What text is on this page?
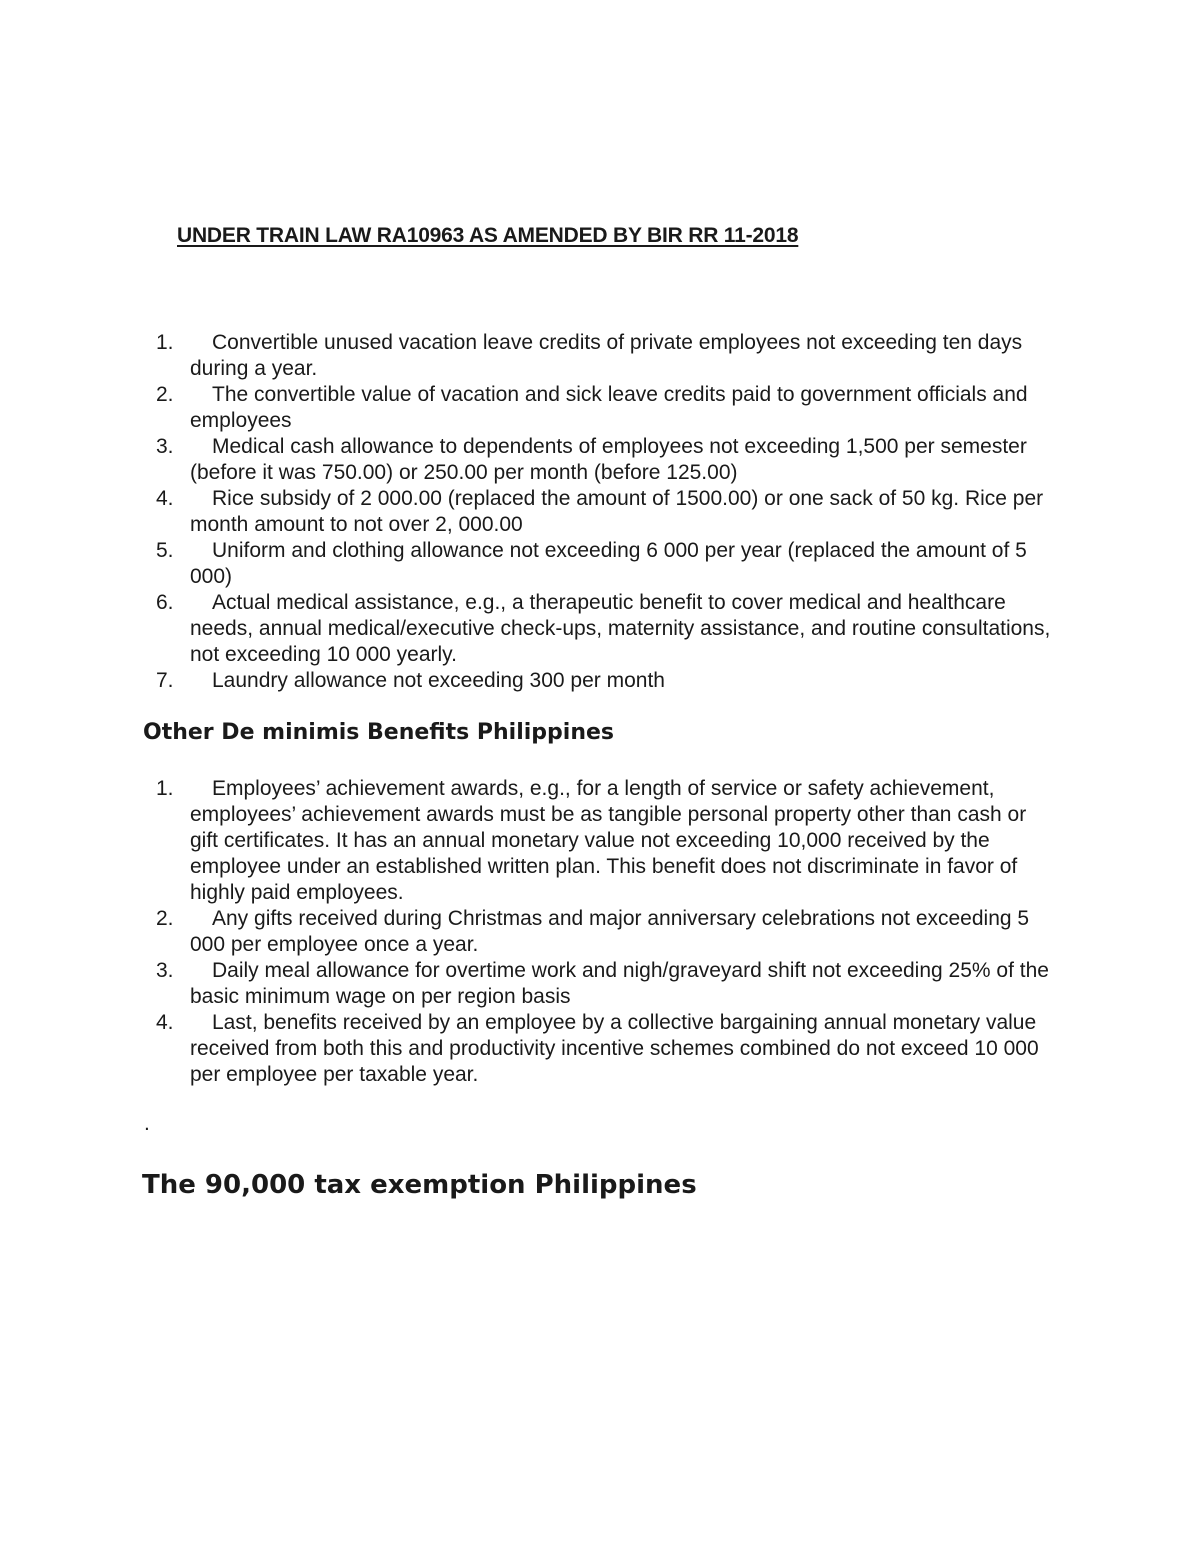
UNDER TRAIN LAW RA10963 AS AMENDED BY BIR RR 11-2018
1.	Convertible unused vacation leave credits of private employees not exceeding ten days during a year.
2.	The convertible value of vacation and sick leave credits paid to government officials and employees
3.	Medical cash allowance to dependents of employees not exceeding 1,500 per semester (before it was 750.00) or 250.00 per month (before 125.00)
4.	Rice subsidy of 2 000.00 (replaced the amount of 1500.00) or one sack of 50 kg. Rice per month amount to not over 2, 000.00
5.	Uniform and clothing allowance not exceeding 6 000 per year (replaced the amount of 5 000)
6.	Actual medical assistance, e.g., a therapeutic benefit to cover medical and healthcare needs, annual medical/executive check-ups, maternity assistance, and routine consultations, not exceeding 10 000 yearly.
7.	Laundry allowance not exceeding 300 per month
Other De minimis Benefits Philippines
1.	Employees’ achievement awards, e.g., for a length of service or safety achievement, employees’ achievement awards must be as tangible personal property other than cash or gift certificates. It has an annual monetary value not exceeding 10,000 received by the employee under an established written plan. This benefit does not discriminate in favor of highly paid employees.
2.	Any gifts received during Christmas and major anniversary celebrations not exceeding 5 000 per employee once a year.
3.	Daily meal allowance for overtime work and nigh/graveyard shift not exceeding 25% of the basic minimum wage on per region basis
4.	Last, benefits received by an employee by a collective bargaining annual monetary value received from both this and productivity incentive schemes combined do not exceed 10 000 per employee per taxable year.
.
The 90,000 tax exemption Philippines
